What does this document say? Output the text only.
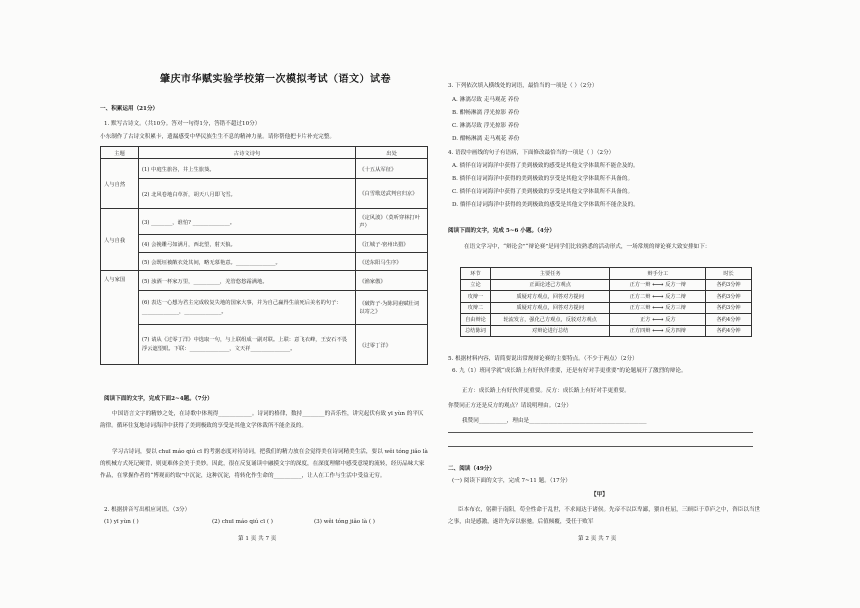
肇庆市华赋实验学校第一次模拟考试（语文）试卷
一、积累运用（21分）
1. 默写古诗文。（共10分。答对一句得1分，答错不超过10分）
小东制作了古诗文积累卡，遗漏感受中华民族生生不息的精神力量。请你帮他把卡片补充完整。
主题	古诗文诗句	出处
人与自然	(1) 中庭生旅谷，井上生旅葵。	《十五从军征》
	(2) 北风卷地白草折，胡天八月即飞雪。	《白雪歌送武判官归京》
人与自我	(3) ________，谁怕? ______________。	《定风波》（莫听穿林打叶声）
	(4) 会挽雕弓如满月，西北望，射天狼。	《江城子·密州出猎》
	(5) 会既垣被敞衣处其间，略无慕艳意。_______________。	《送东阳马生序》
人与家国	(5) 浊酒一杯家万里，__________，羌管悠悠霜满地。	《渔家傲》
	(6) 表达一心想为君主完成收复失地的国家大事，并为自己赢得生前死后美名的句子：______________，______________。	《破阵子·为陈同甫赋壮词以寄之》
	(7) 请从《过零丁洋》中选取一句，与上联组成一副对联。上联：意飞衣峰，王安石不畏浮云遮望眼。下联：_______________，文天祥_______________。	《过零丁洋》
阅读下面的文字，完成下面2~4题。（7分）
中国语言文字的精妙之处，在诗歌中体现得____________。诗词的格律，数持________的音乐性，讲究起伏有致 yī yùn 的平仄韵律。循环往复地诗词海洋中获得了美到极致的享受是其他文学体裁所不能企及的。
学习古诗词，要以 chuī máo qiú cī 的考据态度对待诗词，把我们的精力放在会觉得美在诗词精美生活，要以 wěi tóng jiǎo là 的机械方式死记硬背，则更难体会美于美妙。因此，很在反复诵读中融摸文字的深度，在深度理解中感受意境的流转，经历品味大家作品，在掌握作者的“博观而约取”中沉淀，这种沉淀，将转化作生命的__________，让人在工作与生活中受益无穷。
2. 根据拼音写出相应词语。（3分）
(1) yī yùn ( )	(2) chuī máo qiú cī ( )	(3) wěi tóng jiǎo là ( )
第 1 页 共 7 页
3. 下列依次填入横线处的词语，最恰当的一项是（ ）（2分）
A. 淋漓尽致 走马观花 养份
B. 酣畅淋漓 浮光掠影 养份
C. 淋漓尽致 浮光掠影 养份
D. 酣畅淋漓 走马观花 养份
4. 语段中画线的句子有语病，下面修改最恰当的一项是（ ）（2分）
A. 徜徉在诗词海洋中获得了美到极致的感受是其他文学体裁所不能企及的。
B. 徜徉在诗词海洋中获得的美到极致的享受是其他文学体裁所不具备的。
C. 徜徉在诗词海洋中获得了美到极致的享受是其他文学体裁所不具备的。
D. 徜徉在诗词海洋中获得的美到极致的感受是其他文学体裁所不能企及的。
阅读下面的文字，完成 5~6 小题。（4分）
在语文学习中，“辩论会”“辩论赛”是同学们比较熟悉的活动形式，一场常规的辩论赛大致安排如下：
环节	主要任务	辩手分工	时长
立论	正面论述己方观点	正方一辩 ⟷ 反方一辩	各约3分钟
攻辩一	质疑对方观点，回答对方提问	正方二辩 ⟷ 反方二辩	各约3分钟
攻辩二	质疑对方观点，回答对方提问	正方三辩 ⟷ 反方三辩	各约3分钟
自由辩论	轮流发言，强化己方观点，反驳对方观点	正方 ⟷ 反方	各约4分钟
总结陈词	对辩论进行总结	正方四辩 ⟷ 反方四辩	各约4分钟
5. 根据材料内容，请简要说出常规辩论赛的主要特点。（不少于两点）（2分）
6. 九（1）班同学就“成长路上有好伙伴重要，还是有好对手更重要”的论题展开了激烈的辩论。
正方：成长路上有好伙伴更重要。反方：成长路上有好对手更重要。
你赞同正方还是反方的观点？请说明理由。（2分）
我赞同__________，理由是__________________________________________
二、阅读（49分）
(一) 阅读下面的文字，完成 7~11 题。（17分）
【甲】
臣本布衣，躬耕于南阳，苟全性命于乱世，不求闻达于诸侯。先帝不以臣卑鄙，猥自枉屈，三顾臣于草庐之中，咨臣以当世之事，由是感激，遂许先帝以驱驰。后值倾覆，受任于败军
第 2 页 共 7 页
